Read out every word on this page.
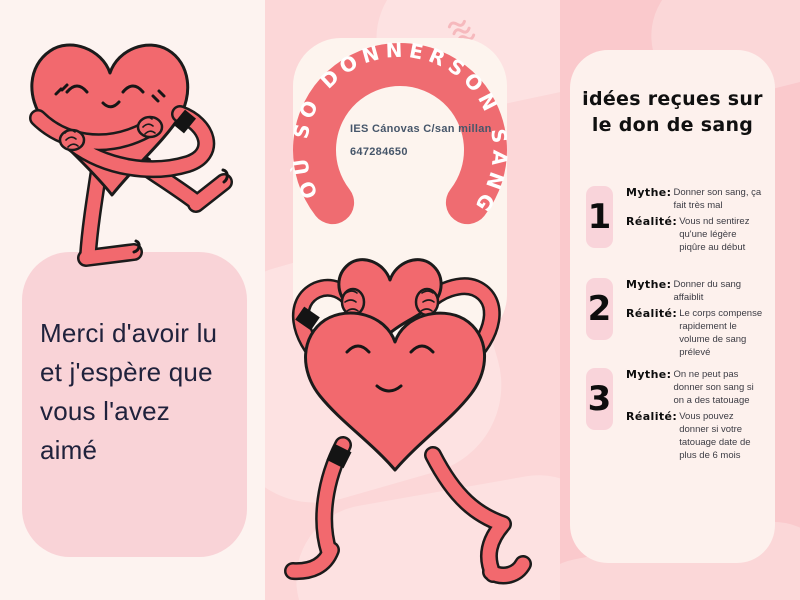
Merci d'avoir lu
et j'espère que
vous l'avez
aimé
OÙ SO DONNERSON SANG
IES Cánovas C/san millan
647284650
idées reçues sur
le don de sang
1
Mythe: Donner son sang, ça fait très mal
Réalité: Vous nd sentirez qu'une légère piqûre au début
2
Mythe: Donner du sang affaiblit
Réalité: Le corps compense rapidement le volume de sang prélevé
3
Mythe: On ne peut pas donner son sang si on a des tatouage
Réalité: Vous pouvez donner si votre tatouage date de plus de 6 mois
